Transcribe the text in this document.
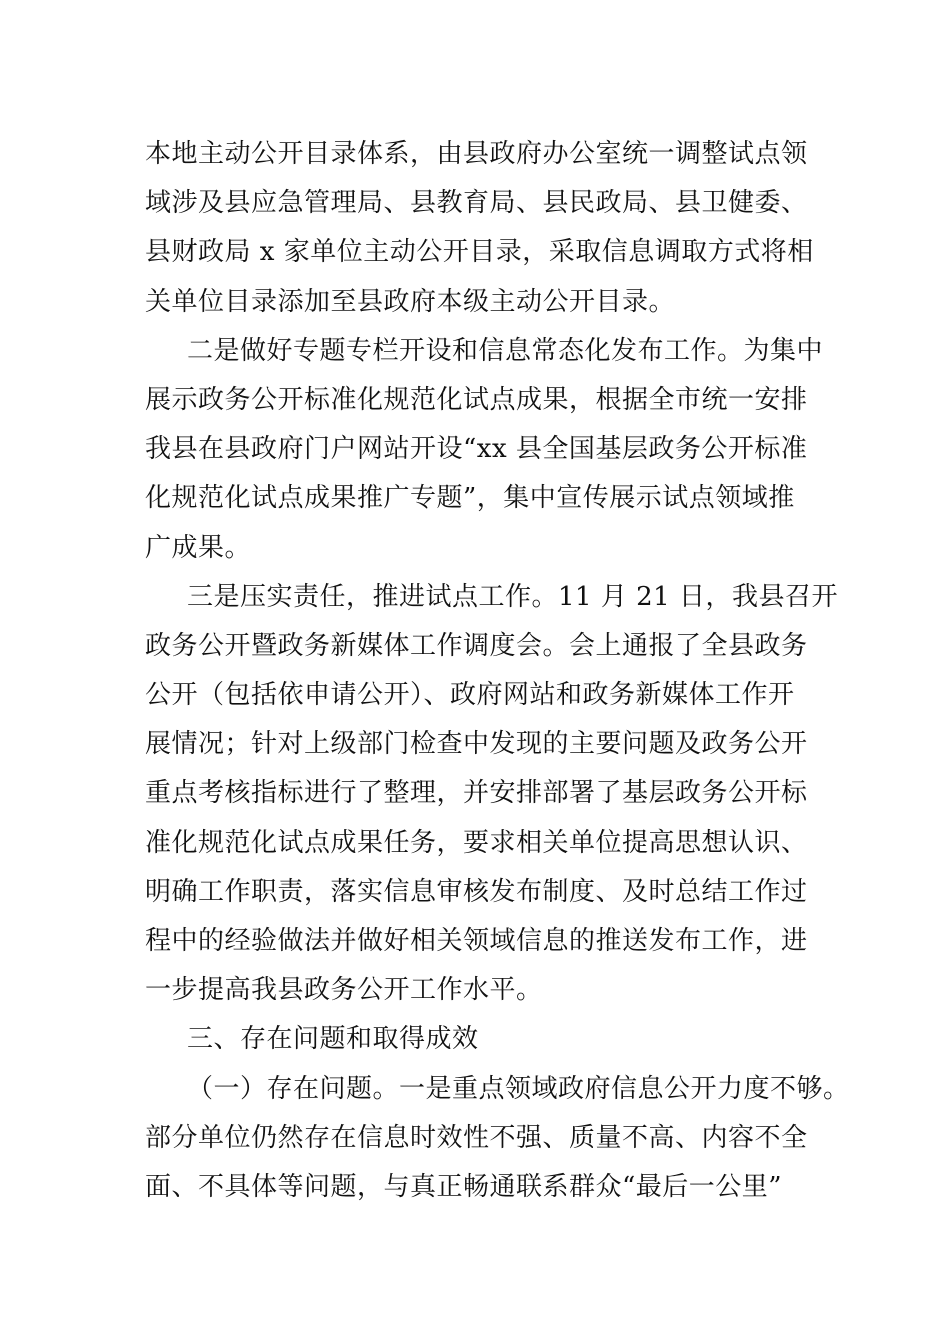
本地主动公开目录体系，由县政府办公室统一调整试点领
域涉及县应急管理局、县教育局、县民政局、县卫健委、
县财政局 x 家单位主动公开目录，采取信息调取方式将相
关单位目录添加至县政府本级主动公开目录。
二是做好专题专栏开设和信息常态化发布工作。为集中
展示政务公开标准化规范化试点成果，根据全市统一安排
我县在县政府门户网站开设“xx 县全国基层政务公开标准
化规范化试点成果推广专题”，集中宣传展示试点领域推
广成果。
三是压实责任，推进试点工作。11 月 21 日，我县召开
政务公开暨政务新媒体工作调度会。会上通报了全县政务
公开（包括依申请公开）、政府网站和政务新媒体工作开
展情况；针对上级部门检查中发现的主要问题及政务公开
重点考核指标进行了整理，并安排部署了基层政务公开标
准化规范化试点成果任务，要求相关单位提高思想认识、
明确工作职责，落实信息审核发布制度、及时总结工作过
程中的经验做法并做好相关领域信息的推送发布工作，进
一步提高我县政务公开工作水平。
三、存在问题和取得成效
（一）存在问题。一是重点领域政府信息公开力度不够。
部分单位仍然存在信息时效性不强、质量不高、内容不全
面、不具体等问题，与真正畅通联系群众“最后一公里”
